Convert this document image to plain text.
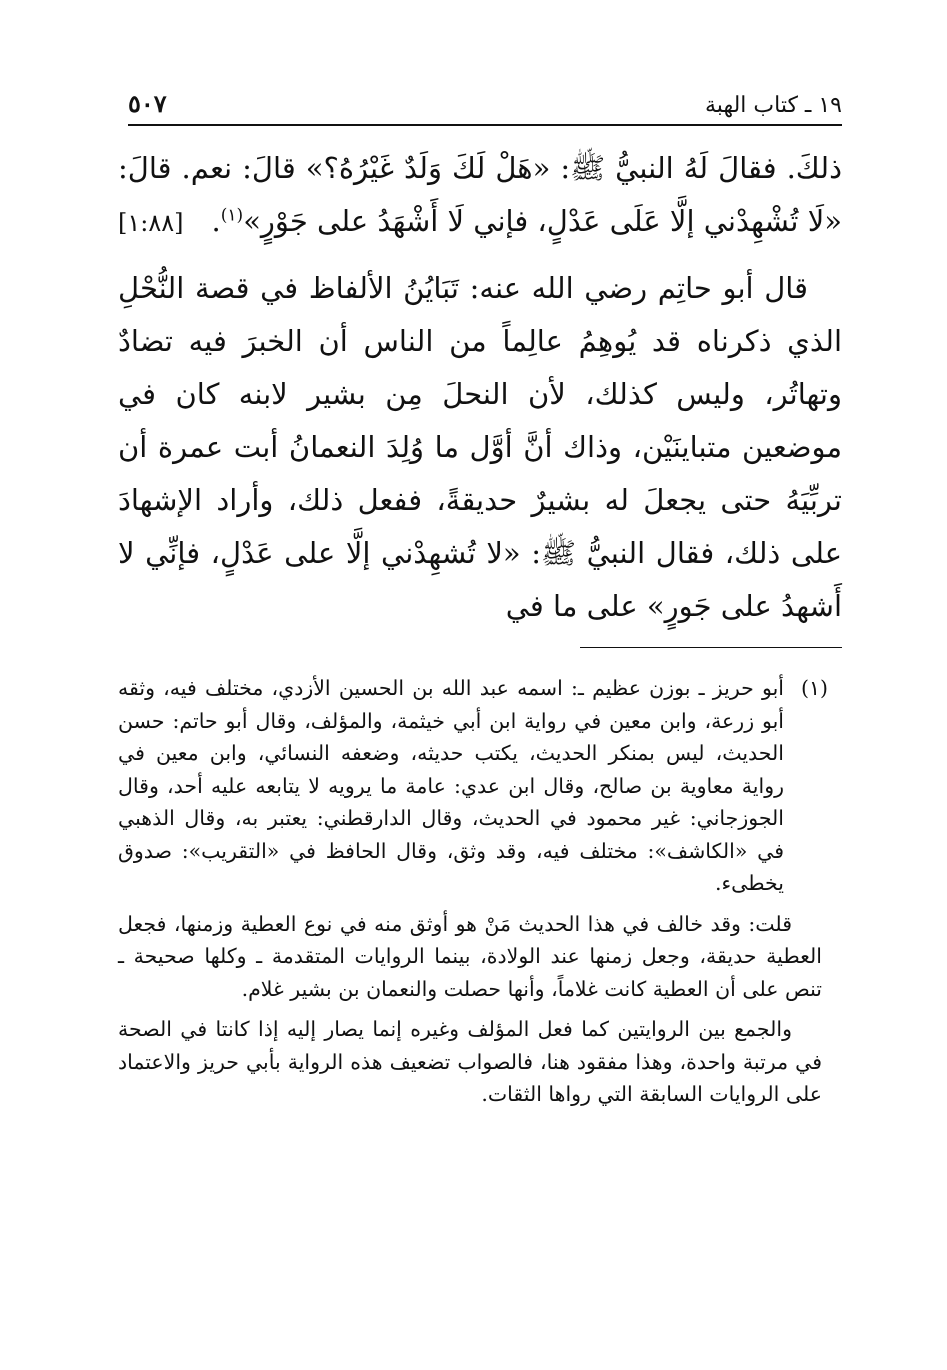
١٩ ـ كتاب الهبة
٥٠٧

ذلكَ. فقالَ لَهُ النبيُّ ﷺ: «هَلْ لَكَ وَلَدٌ غَيْرُهُ؟» قالَ: نعم. قالَ: «لَا تُشْهِدْني إلَّا عَلَى عَدْلٍ، فإني لَا أَشْهَدُ على جَوْرٍ»$^{(١)}$.
[١:٨٨]

قال أبو حاتِم رضي الله عنه: تَبَايُنُ الألفاظ في قصة النُّحْلِ الذي ذكرناه قد يُوهِمُ عالِماً من الناس أن الخبرَ فيه تضادٌ وتهاتُر، وليس كذلك، لأن النحلَ مِن بشير لابنه كان في موضعين متباينَيْن، وذاك أنَّ أوَّل ما وُلِدَ النعمانُ أبت عمرة أن تربِّيَهُ حتى يجعلَ له بشيرٌ حديقةً، ففعل ذلك، وأراد الإشهادَ على ذلك، فقال النبيُّ ﷺ: «لا تُشهِدْني إلَّا على عَدْلٍ، فإنِّي لا أَشهدُ على جَورٍ» على ما في

(١)
أبو حريز ـ بوزن عظيم ـ: اسمه عبد الله بن الحسين الأزدي، مختلف فيه، وثقه أبو زرعة، وابن معين في رواية ابن أبي خيثمة، والمؤلف، وقال أبو حاتم: حسن الحديث، ليس بمنكر الحديث، يكتب حديثه، وضعفه النسائي، وابن معين في رواية معاوية بن صالح، وقال ابن عدي: عامة ما يرويه لا يتابعه عليه أحد، وقال الجوزجاني: غير محمود في الحديث، وقال الدارقطني: يعتبر به، وقال الذهبي في «الكاشف»: مختلف فيه، وقد وثق، وقال الحافظ في «التقريب»: صدوق يخطىء.

قلت: وقد خالف في هذا الحديث مَنْ هو أوثق منه في نوع العطية وزمنها، فجعل العطية حديقة، وجعل زمنها عند الولادة، بينما الروايات المتقدمة ـ وكلها صحيحة ـ تنص على أن العطية كانت غلاماً، وأنها حصلت والنعمان بن بشير غلام.

والجمع بين الروايتين كما فعل المؤلف وغيره إنما يصار إليه إذا كانتا في الصحة في مرتبة واحدة، وهذا مفقود هنا، فالصواب تضعيف هذه الرواية بأبي حريز والاعتماد على الروايات السابقة التي رواها الثقات.
